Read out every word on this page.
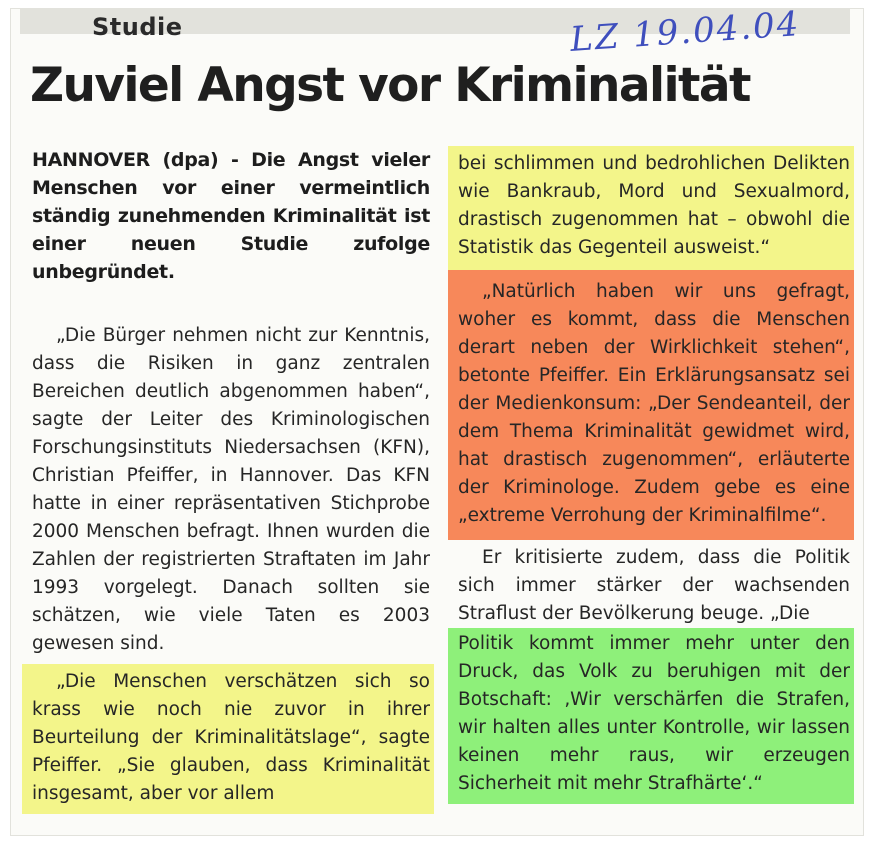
Studie	LZ 19.04.04
Zuviel Angst vor Kriminalität

HANNOVER (dpa) - Die Angst vieler Menschen vor einer vermeintlich ständig zunehmenden Kriminalität ist einer neuen Studie zufolge unbegründet.

„Die Bürger nehmen nicht zur Kenntnis, dass die Risiken in ganz zentralen Bereichen deutlich abgenommen haben“, sagte der Leiter des Kriminologischen Forschungsinstituts Niedersachsen (KFN), Christian Pfeiffer, in Hannover. Das KFN hatte in einer repräsentativen Stichprobe 2000 Menschen befragt. Ihnen wurden die Zahlen der registrierten Straftaten im Jahr 1993 vorgelegt. Danach sollten sie schätzen, wie viele Taten es 2003 gewesen sind.

„Die Menschen verschätzen sich so krass wie noch nie zuvor in ihrer Beurteilung der Kriminalitätslage“, sagte Pfeiffer. „Sie glauben, dass Kriminalität insgesamt, aber vor allem

bei schlimmen und bedrohlichen Delikten wie Bankraub, Mord und Sexualmord, drastisch zugenommen hat – obwohl die Statistik das Gegenteil ausweist.“

„Natürlich haben wir uns gefragt, woher es kommt, dass die Menschen derart neben der Wirklichkeit stehen“, betonte Pfeiffer. Ein Erklärungsansatz sei der Medienkonsum: „Der Sendeanteil, der dem Thema Kriminalität gewidmet wird, hat drastisch zugenommen“, erläuterte der Kriminologe. Zudem gebe es eine „extreme Verrohung der Kriminalfilme“.

Er kritisierte zudem, dass die Politik sich immer stärker der wachsenden Straflust der Bevölkerung beuge. „Die

Politik kommt immer mehr unter den Druck, das Volk zu beruhigen mit der Botschaft: ‚Wir verschärfen die Strafen, wir halten alles unter Kontrolle, wir lassen keinen mehr raus, wir erzeugen Sicherheit mit mehr Strafhärte‘.“
